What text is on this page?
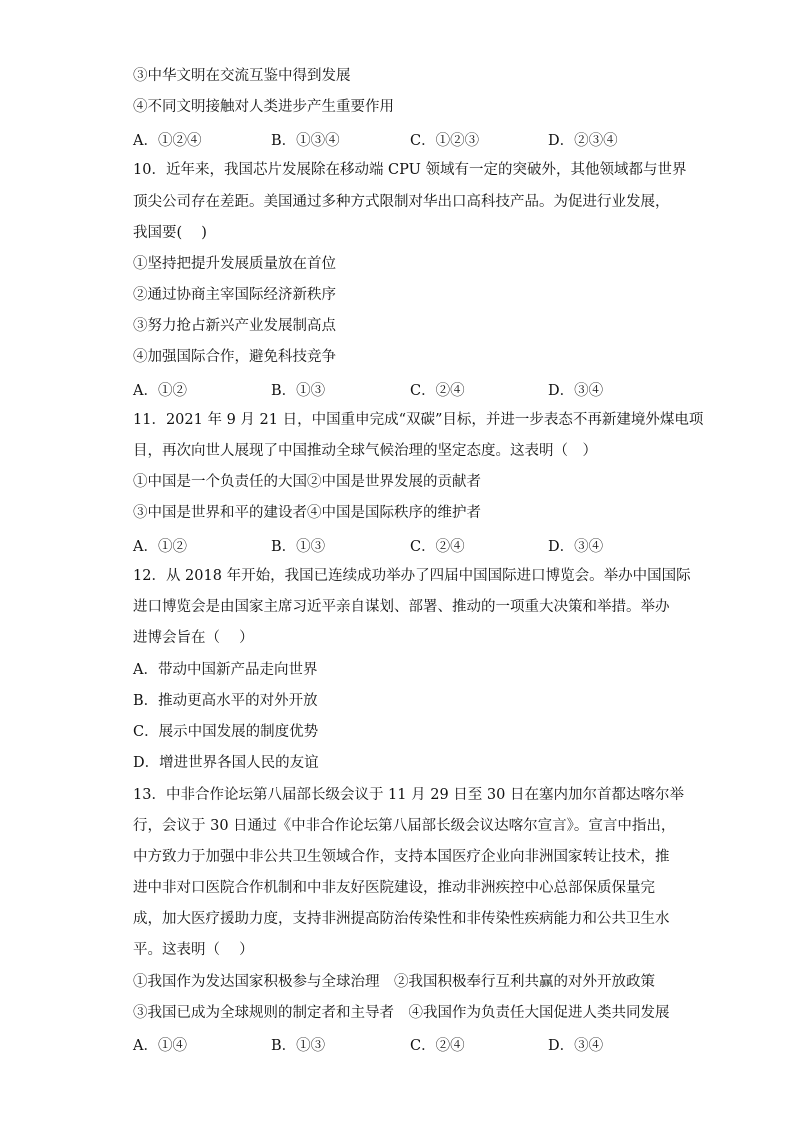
③中华文明在交流互鉴中得到发展
④不同文明接触对人类进步产生重要作用
A．①②④	B．①③④	C．①②③	D．②③④
10．近年来，我国芯片发展除在移动端 CPU 领域有一定的突破外，其他领域都与世界
顶尖公司存在差距。美国通过多种方式限制对华出口高科技产品。为促进行业发展，
我国要(　 )
①坚持把提升发展质量放在首位
②通过协商主宰国际经济新秩序
③努力抢占新兴产业发展制高点
④加强国际合作，避免科技竞争
A．①②	B．①③	C．②④	D．③④
11．2021 年 9 月 21 日，中国重申完成“双碳”目标，并进一步表态不再新建境外煤电项
目，再次向世人展现了中国推动全球气候治理的坚定态度。这表明（　）
①中国是一个负责任的大国②中国是世界发展的贡献者
③中国是世界和平的建设者④中国是国际秩序的维护者
A．①②	B．①③	C．②④	D．③④
12．从 2018 年开始，我国已连续成功举办了四届中国国际进口博览会。举办中国国际
进口博览会是由国家主席习近平亲自谋划、部署、推动的一项重大决策和举措。举办
进博会旨在（　 ）
A．带动中国新产品走向世界
B．推动更高水平的对外开放
C．展示中国发展的制度优势
D．增进世界各国人民的友谊
13．中非合作论坛第八届部长级会议于 11 月 29 日至 30 日在塞内加尔首都达喀尔举
行，会议于 30 日通过《中非合作论坛第八届部长级会议达喀尔宣言》。宣言中指出，
中方致力于加强中非公共卫生领域合作，支持本国医疗企业向非洲国家转让技术，推
进中非对口医院合作机制和中非友好医院建设，推动非洲疾控中心总部保质保量完
成，加大医疗援助力度，支持非洲提高防治传染性和非传染性疾病能力和公共卫生水
平。这表明（　 ）
①我国作为发达国家积极参与全球治理　②我国积极奉行互利共赢的对外开放政策
③我国已成为全球规则的制定者和主导者　④我国作为负责任大国促进人类共同发展
A．①④	B．①③	C．②④	D．③④
